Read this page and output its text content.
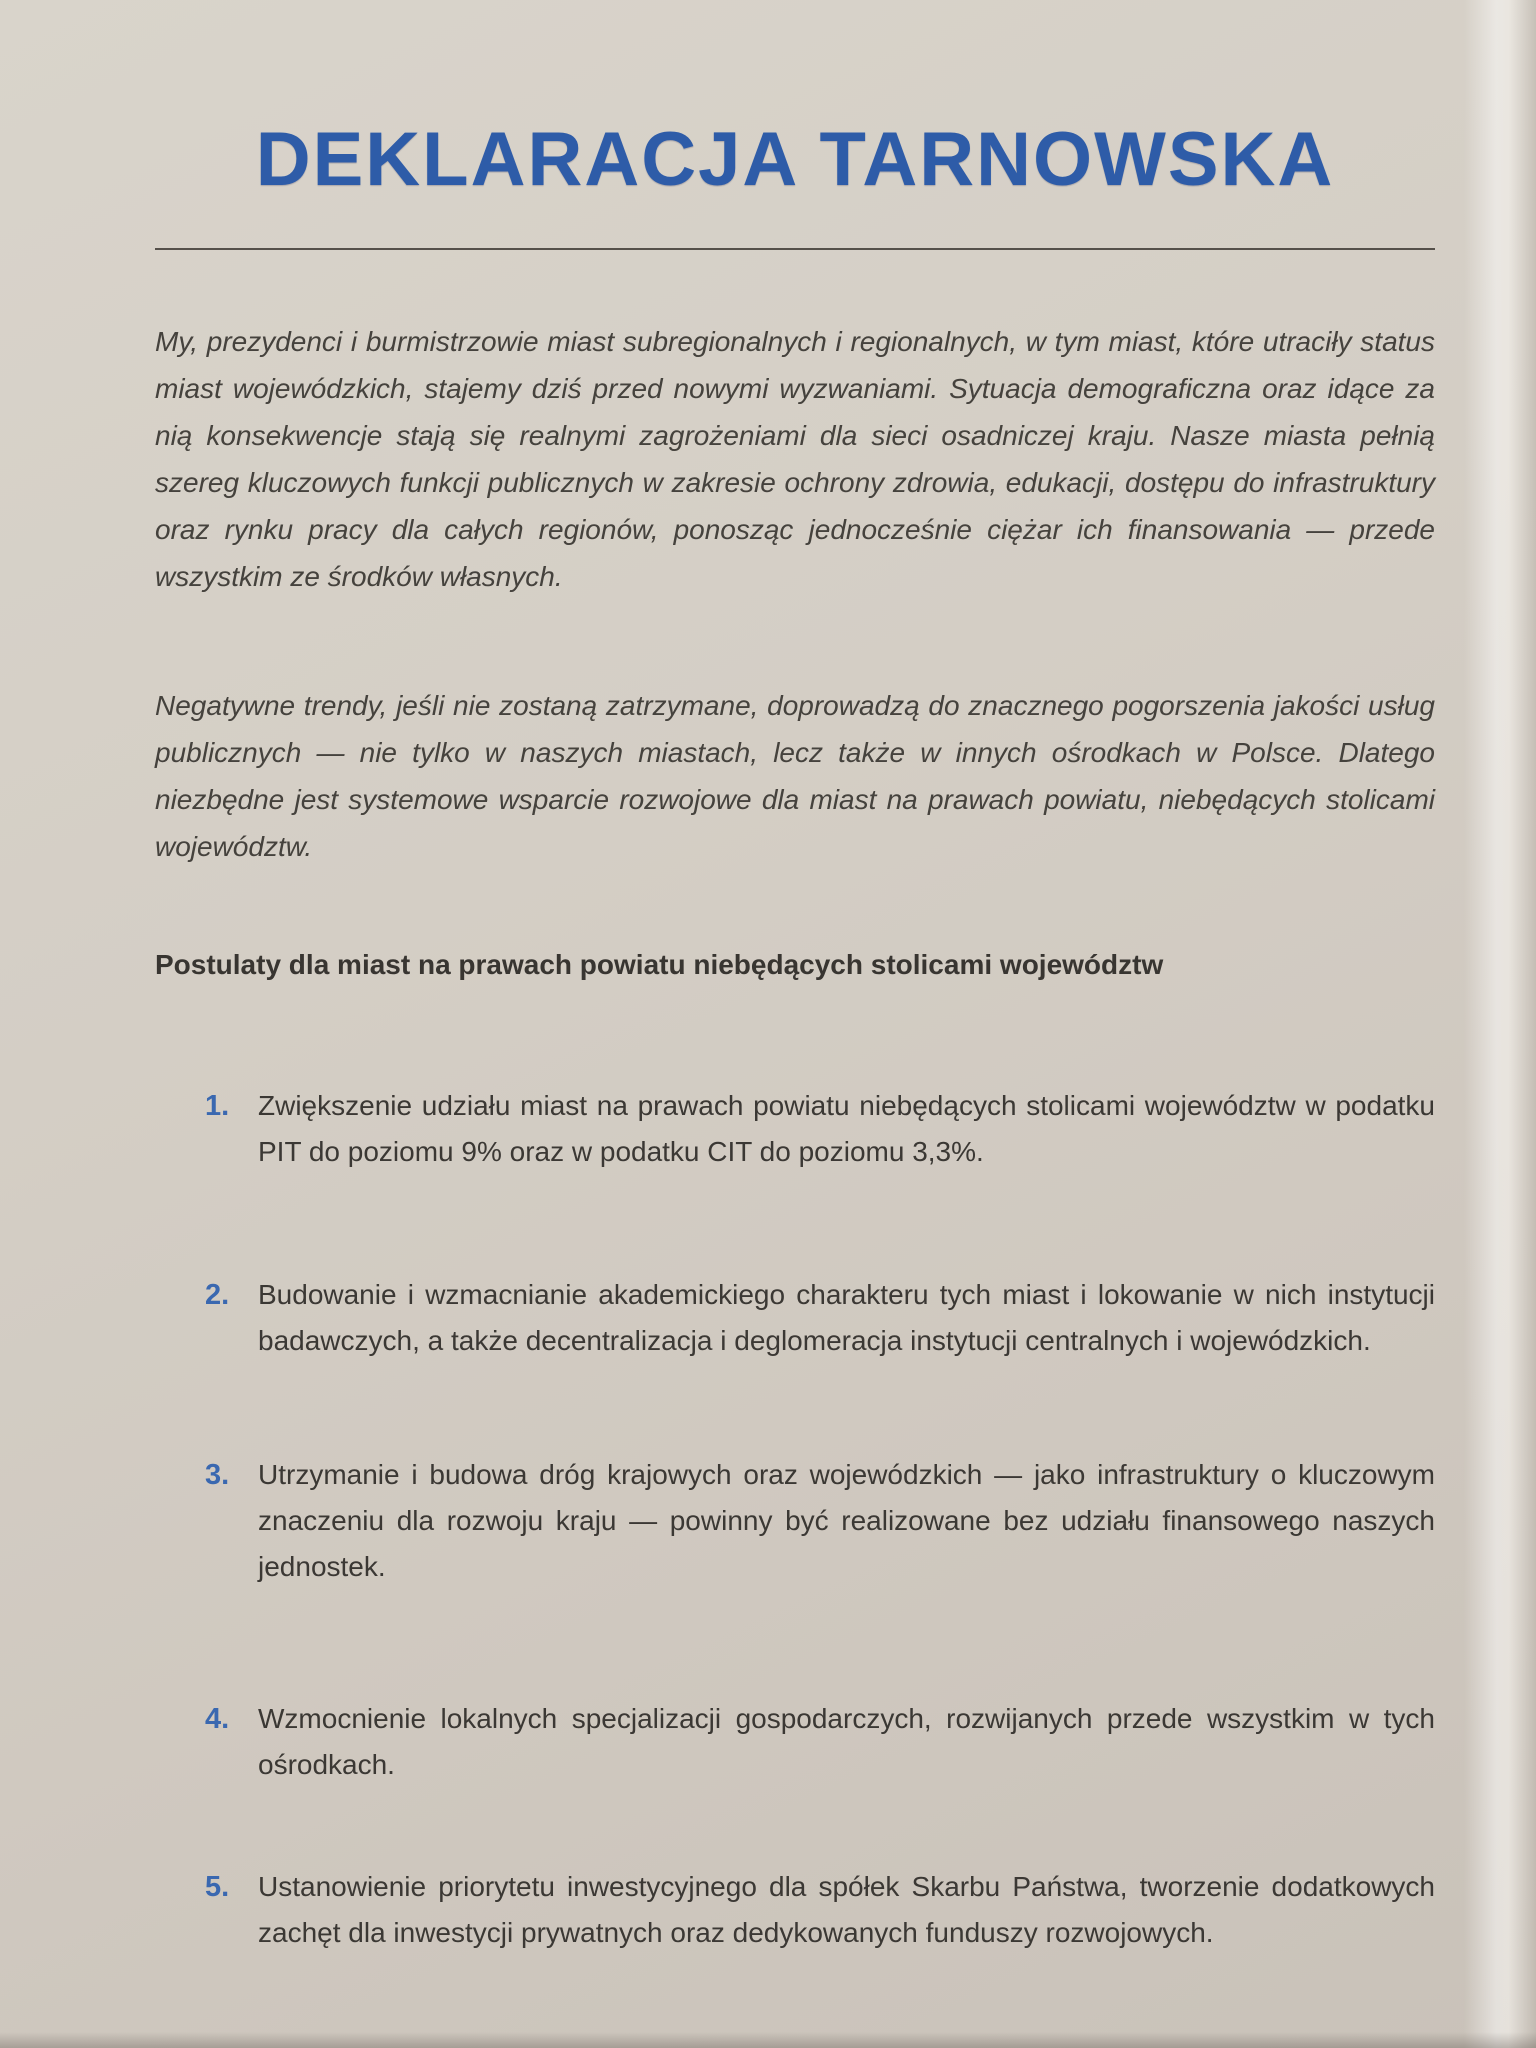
DEKLARACJA TARNOWSKA

My, prezydenci i burmistrzowie miast subregionalnych i regionalnych, w tym miast, które utraciły status miast wojewódzkich, stajemy dziś przed nowymi wyzwaniami. Sytuacja demograficzna oraz idące za nią konsekwencje stają się realnymi zagrożeniami dla sieci osadniczej kraju. Nasze miasta pełnią szereg kluczowych funkcji publicznych w zakresie ochrony zdrowia, edukacji, dostępu do infrastruktury oraz rynku pracy dla całych regionów, ponosząc jednocześnie ciężar ich finansowania — przede wszystkim ze środków własnych.

Negatywne trendy, jeśli nie zostaną zatrzymane, doprowadzą do znacznego pogorszenia jakości usług publicznych — nie tylko w naszych miastach, lecz także w innych ośrodkach w Polsce. Dlatego niezbędne jest systemowe wsparcie rozwojowe dla miast na prawach powiatu, niebędących stolicami województw.

Postulaty dla miast na prawach powiatu niebędących stolicami województw
1.	Zwiększenie udziału miast na prawach powiatu niebędących stolicami województw w podatku PIT do poziomu 9% oraz w podatku CIT do poziomu 3,3%.
2.	Budowanie i wzmacnianie akademickiego charakteru tych miast i lokowanie w nich instytucji badawczych, a także decentralizacja i deglomeracja instytucji centralnych i wojewódzkich.
3.	Utrzymanie i budowa dróg krajowych oraz wojewódzkich — jako infrastruktury o kluczowym znaczeniu dla rozwoju kraju — powinny być realizowane bez udziału finansowego naszych jednostek.
4.	Wzmocnienie lokalnych specjalizacji gospodarczych, rozwijanych przede wszystkim w tych ośrodkach.
5.	Ustanowienie priorytetu inwestycyjnego dla spółek Skarbu Państwa, tworzenie dodatkowych zachęt dla inwestycji prywatnych oraz dedykowanych funduszy rozwojowych.
